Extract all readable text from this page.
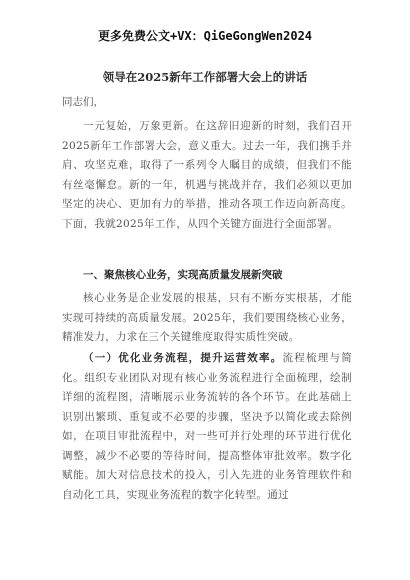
更多免费公文+VX：QiGeGongWen2024
领导在2025新年工作部署大会上的讲话
同志们，
一元复始，万象更新。在这辞旧迎新的时刻，我们召开2025新年工作部署大会，意义重大。过去一年，我们携手并肩、攻坚克难，取得了一系列令人瞩目的成绩，但我们不能有丝毫懈怠。新的一年，机遇与挑战并存，我们必须以更加坚定的决心、更加有力的举措，推动各项工作迈向新高度。下面，我就2025年工作，从四个关键方面进行全面部署。
一、聚焦核心业务，实现高质量发展新突破
核心业务是企业发展的根基，只有不断夯实根基，才能实现可持续的高质量发展。2025年，我们要围绕核心业务，精准发力，力求在三个关键维度取得实质性突破。
（一）优化业务流程，提升运营效率。流程梳理与简化。组织专业团队对现有核心业务流程进行全面梳理，绘制详细的流程图，清晰展示业务流转的各个环节。在此基础上识别出繁琐、重复或不必要的步骤，坚决予以简化或去除例如，在项目审批流程中，对一些可并行处理的环节进行优化调整，减少不必要的等待时间，提高整体审批效率。数字化赋能。加大对信息技术的投入，引入先进的业务管理软件和自动化工具，实现业务流程的数字化转型。通过
